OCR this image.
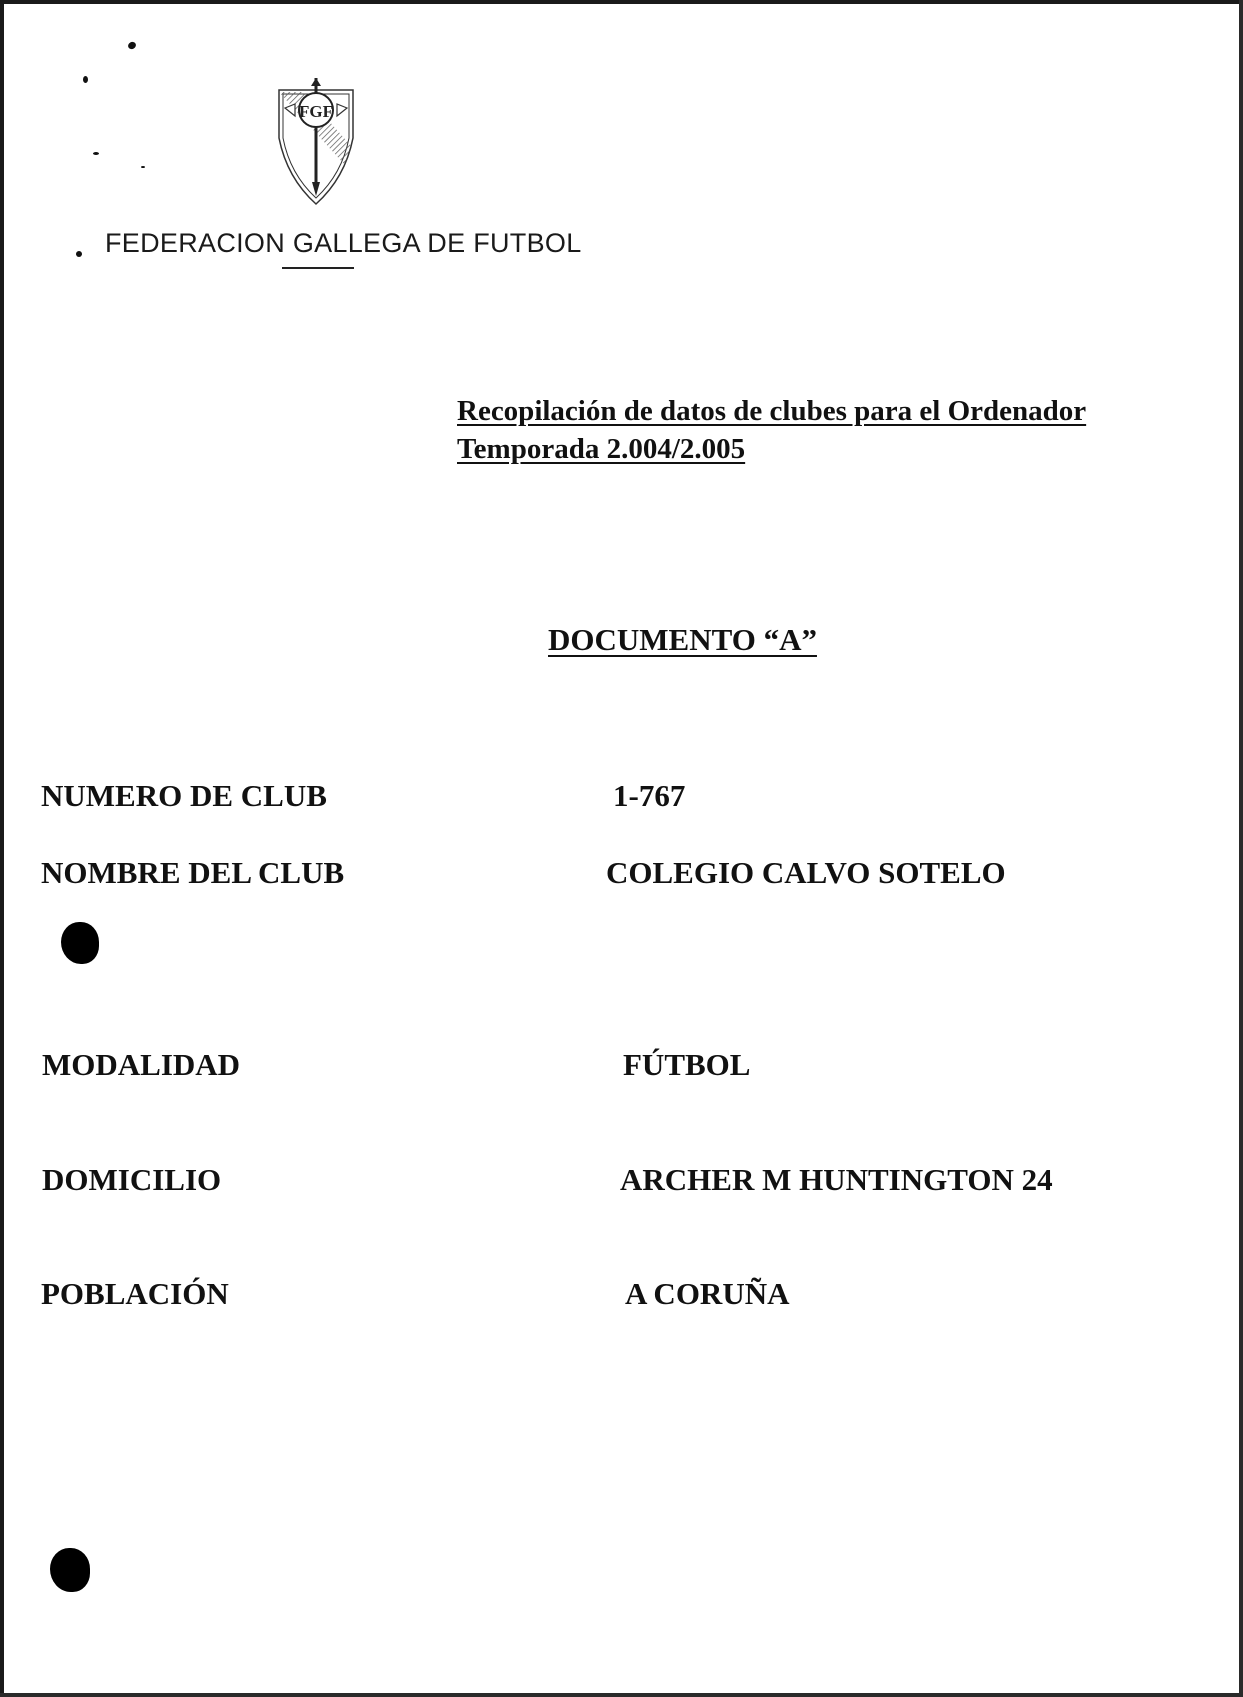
FGF
FEDERACION GALLEGA DE FUTBOL
Recopilación de datos de clubes para el Ordenador
Temporada 2.004/2.005
DOCUMENTO “A”
NUMERO DE CLUB	1-767
NOMBRE DEL CLUB	COLEGIO CALVO SOTELO
MODALIDAD	FÚTBOL
DOMICILIO	ARCHER M HUNTINGTON 24
POBLACIÓN	A CORUÑA
